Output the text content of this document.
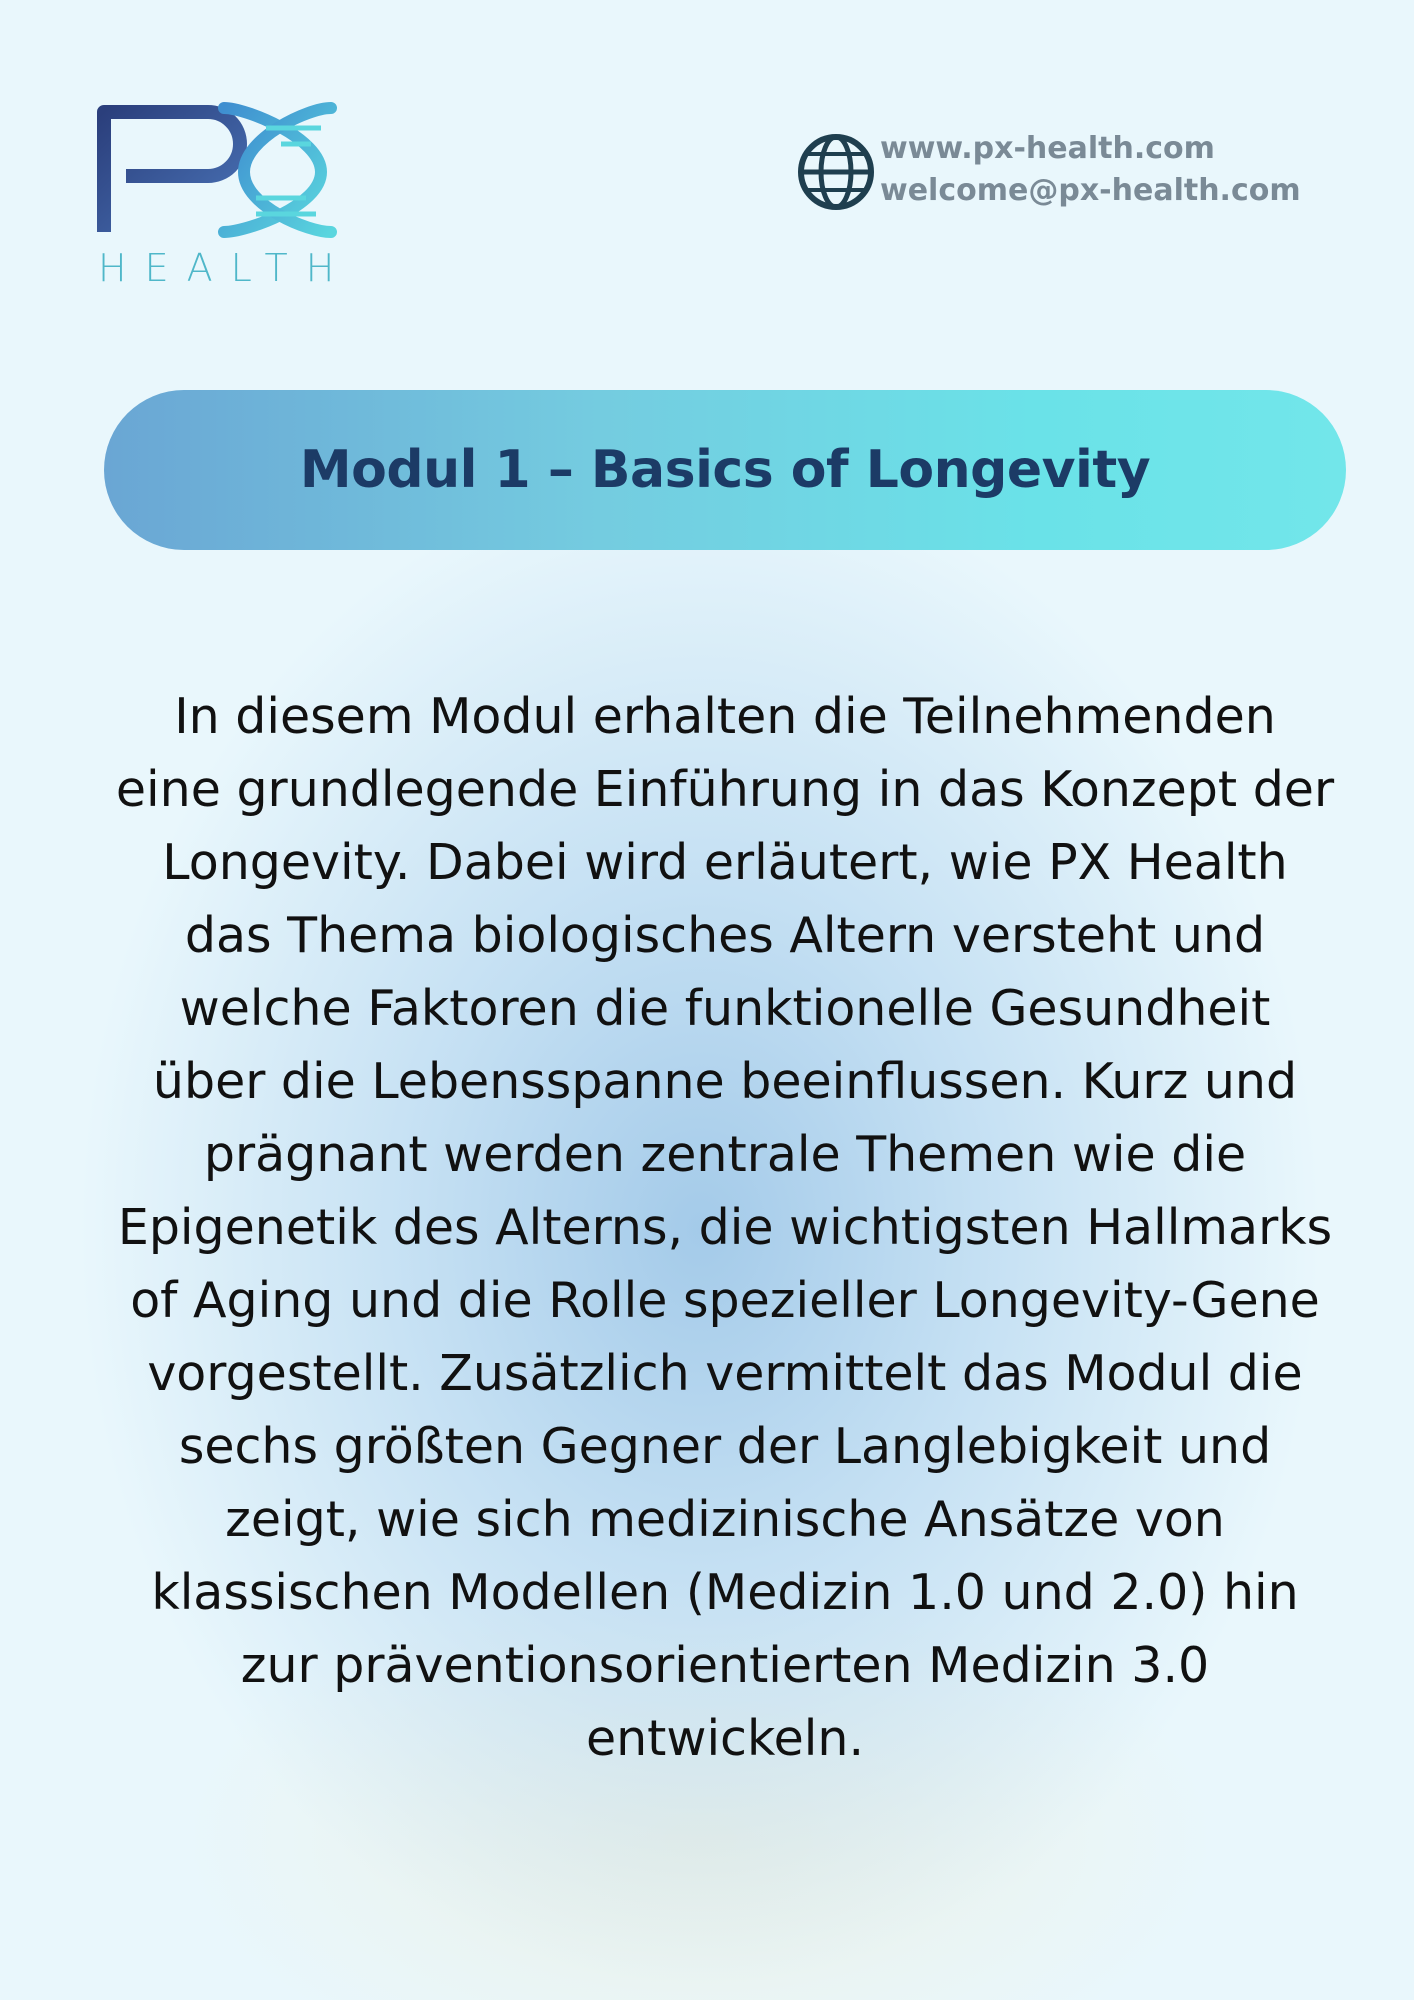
HEALTH
www.px-health.com
welcome@px-health.com
Modul 1 – Basics of Longevity
In diesem Modul erhalten die Teilnehmenden
eine grundlegende Einführung in das Konzept der
Longevity. Dabei wird erläutert, wie PX Health
das Thema biologisches Altern versteht und
welche Faktoren die funktionelle Gesundheit
über die Lebensspanne beeinflussen. Kurz und
prägnant werden zentrale Themen wie die
Epigenetik des Alterns, die wichtigsten Hallmarks
of Aging und die Rolle spezieller Longevity-Gene
vorgestellt. Zusätzlich vermittelt das Modul die
sechs größten Gegner der Langlebigkeit und
zeigt, wie sich medizinische Ansätze von
klassischen Modellen (Medizin 1.0 und 2.0) hin
zur präventionsorientierten Medizin 3.0
entwickeln.
